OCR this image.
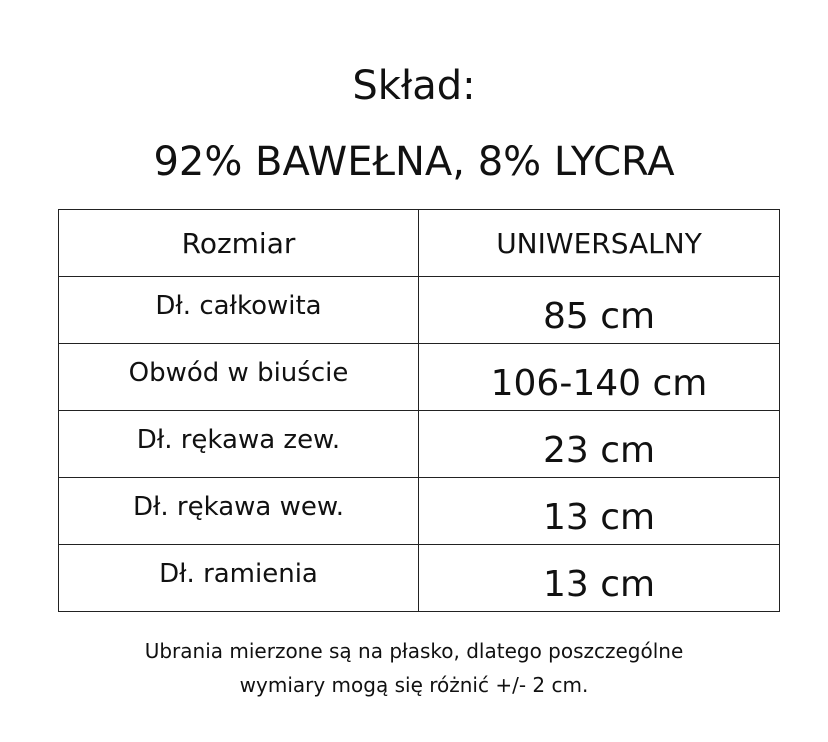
Skład:
92% BAWEŁNA, 8% LYCRA
Rozmiar	UNIWERSALNY
Dł. całkowita	85 cm
Obwód w biuście	106-140 cm
Dł. rękawa zew.	23 cm
Dł. rękawa wew.	13 cm
Dł. ramienia	13 cm
Ubrania mierzone są na płasko, dlatego poszczególne
wymiary mogą się różnić +/- 2 cm.
